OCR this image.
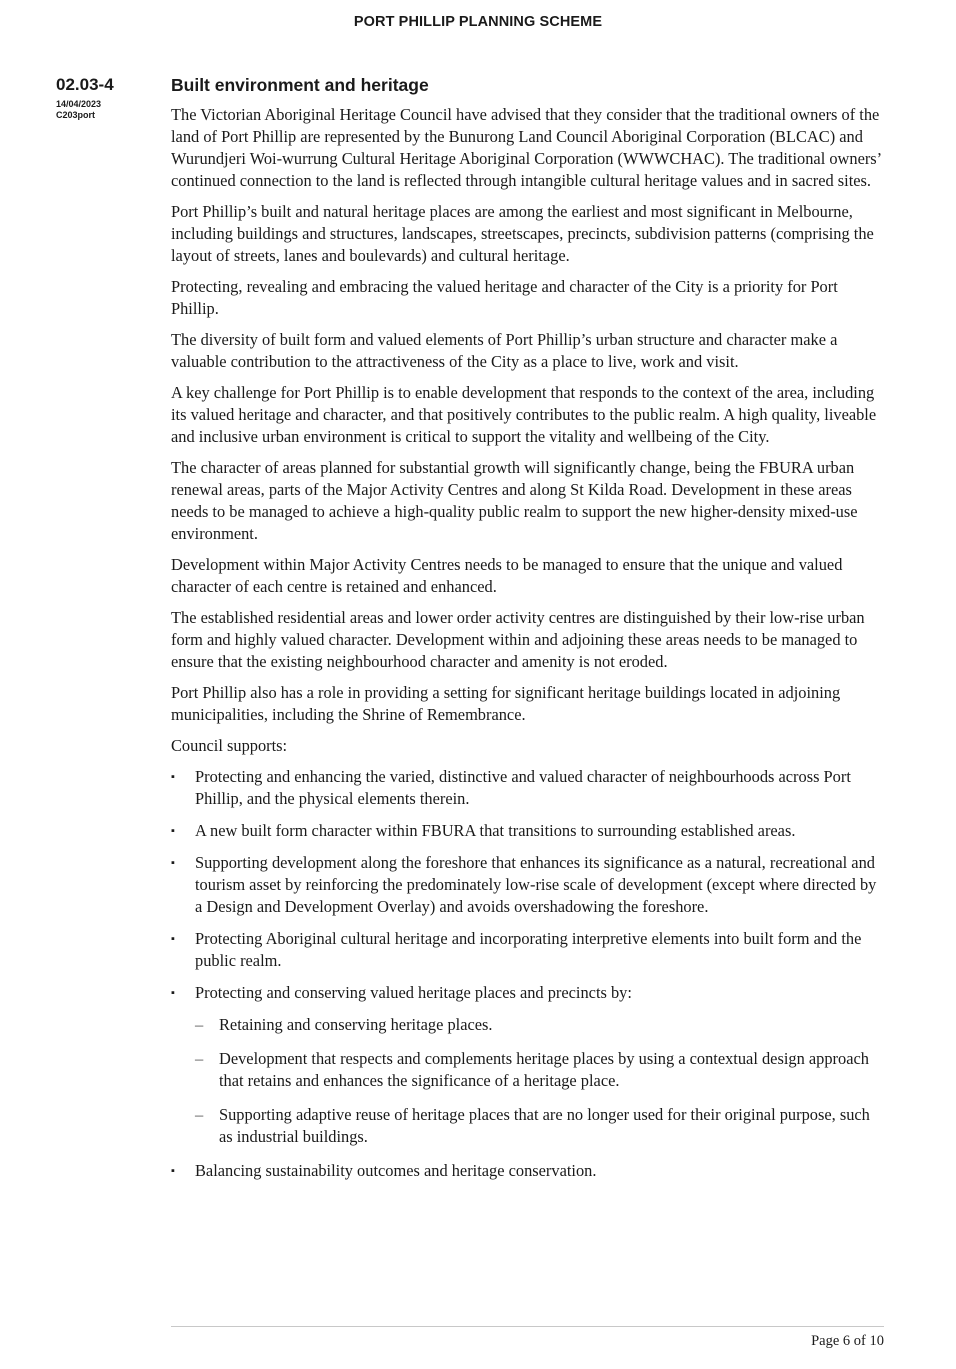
PORT PHILLIP PLANNING SCHEME
02.03-4
14/04/2023
C203port
Built environment and heritage

The Victorian Aboriginal Heritage Council have advised that they consider that the traditional owners of the land of Port Phillip are represented by the Bunurong Land Council Aboriginal Corporation (BLCAC) and Wurundjeri Woi-wurrung Cultural Heritage Aboriginal Corporation (WWWCHAC). The traditional owners’ continued connection to the land is reflected through intangible cultural heritage values and in sacred sites.

Port Phillip’s built and natural heritage places are among the earliest and most significant in Melbourne, including buildings and structures, landscapes, streetscapes, precincts, subdivision patterns (comprising the layout of streets, lanes and boulevards) and cultural heritage.

Protecting, revealing and embracing the valued heritage and character of the City is a priority for Port Phillip.

The diversity of built form and valued elements of Port Phillip’s urban structure and character make a valuable contribution to the attractiveness of the City as a place to live, work and visit.

A key challenge for Port Phillip is to enable development that responds to the context of the area, including its valued heritage and character, and that positively contributes to the public realm. A high quality, liveable and inclusive urban environment is critical to support the vitality and wellbeing of the City.

The character of areas planned for substantial growth will significantly change, being the FBURA urban renewal areas, parts of the Major Activity Centres and along St Kilda Road. Development in these areas needs to be managed to achieve a high-quality public realm to support the new higher-density mixed-use environment.

Development within Major Activity Centres needs to be managed to ensure that the unique and valued character of each centre is retained and enhanced.

The established residential areas and lower order activity centres are distinguished by their low-rise urban form and highly valued character. Development within and adjoining these areas needs to be managed to ensure that the existing neighbourhood character and amenity is not eroded.

Port Phillip also has a role in providing a setting for significant heritage buildings located in adjoining municipalities, including the Shrine of Remembrance.

Council supports:

▪ Protecting and enhancing the varied, distinctive and valued character of neighbourhoods across Port Phillip, and the physical elements therein.
▪ A new built form character within FBURA that transitions to surrounding established areas.
▪ Supporting development along the foreshore that enhances its significance as a natural, recreational and tourism asset by reinforcing the predominately low-rise scale of development (except where directed by a Design and Development Overlay) and avoids overshadowing the foreshore.
▪ Protecting Aboriginal cultural heritage and incorporating interpretive elements into built form and the public realm.
▪ Protecting and conserving valued heritage places and precincts by:
– Retaining and conserving heritage places.
– Development that respects and complements heritage places by using a contextual design approach that retains and enhances the significance of a heritage place.
– Supporting adaptive reuse of heritage places that are no longer used for their original purpose, such as industrial buildings.
▪ Balancing sustainability outcomes and heritage conservation.
Page 6 of 10
